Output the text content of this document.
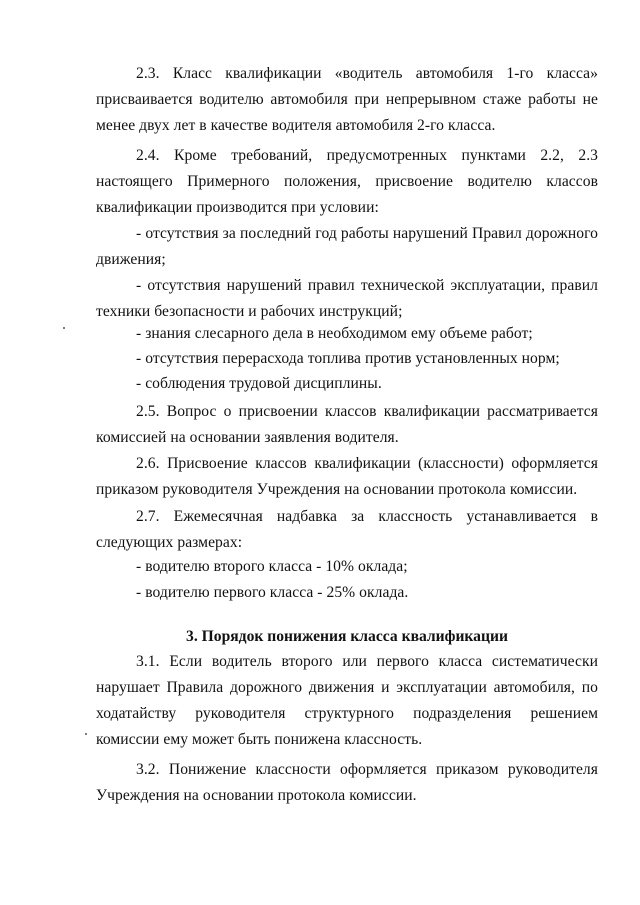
2.3. Класс квалификации «водитель автомобиля 1-го класса» присваивается водителю автомобиля при непрерывном стаже работы не менее двух лет в качестве водителя автомобиля 2-го класса.

2.4. Кроме требований, предусмотренных пунктами 2.2, 2.3 настоящего Примерного положения, присвоение водителю классов квалификации производится при условии:

- отсутствия за последний год работы нарушений Правил дорожного движения;

- отсутствия нарушений правил технической эксплуатации, правил техники безопасности и рабочих инструкций;

- знания слесарного дела в необходимом ему объеме работ;

- отсутствия перерасхода топлива против установленных норм;

- соблюдения трудовой дисциплины.

2.5. Вопрос о присвоении классов квалификации рассматривается комиссией на основании заявления водителя.

2.6. Присвоение классов квалификации (классности) оформляется приказом руководителя Учреждения на основании протокола комиссии.

2.7. Ежемесячная надбавка за классность устанавливается в следующих размерах:

- водителю второго класса - 10% оклада;

- водителю первого класса - 25% оклада.

3. Порядок понижения класса квалификации

3.1. Если водитель второго или первого класса систематически нарушает Правила дорожного движения и эксплуатации автомобиля, по ходатайству руководителя структурного подразделения решением комиссии ему может быть понижена классность.

3.2. Понижение классности оформляется приказом руководителя Учреждения на основании протокола комиссии.
